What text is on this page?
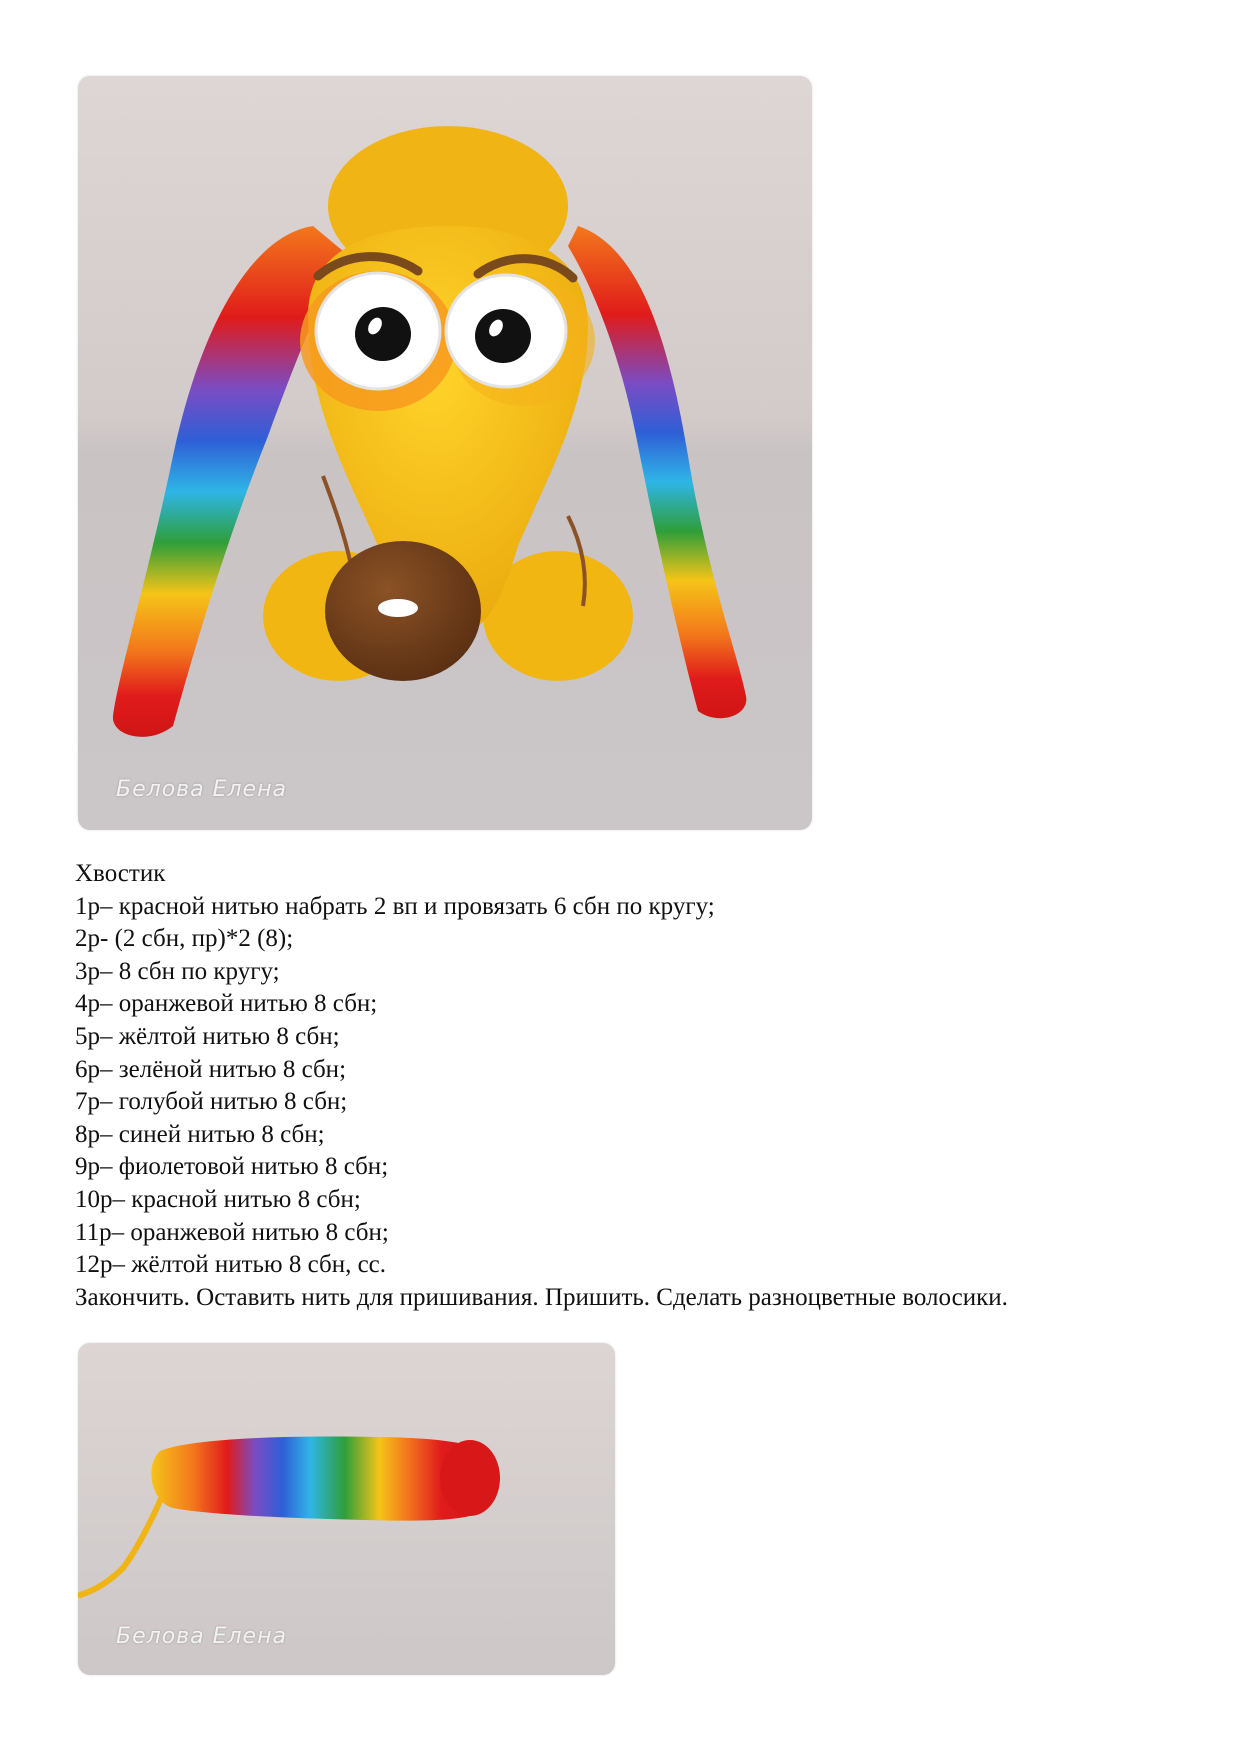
Белова Елена

Хвостик

1р– красной нитью набрать 2 вп и провязать 6 сбн по кругу;

2р- (2 сбн, пр)*2 (8);

3р– 8 сбн по кругу;

4р– оранжевой нитью 8 сбн;

5р– жёлтой нитью 8 сбн;

6р– зелёной нитью 8 сбн;

7р– голубой нитью 8 сбн;

8р– синей нитью 8 сбн;

9р– фиолетовой нитью 8 сбн;

10р– красной нитью 8 сбн;

11р– оранжевой нитью 8 сбн;

12р– жёлтой нитью 8 сбн, сс.

Закончить. Оставить нить для пришивания. Пришить. Сделать разноцветные волосики.

Белова Елена
